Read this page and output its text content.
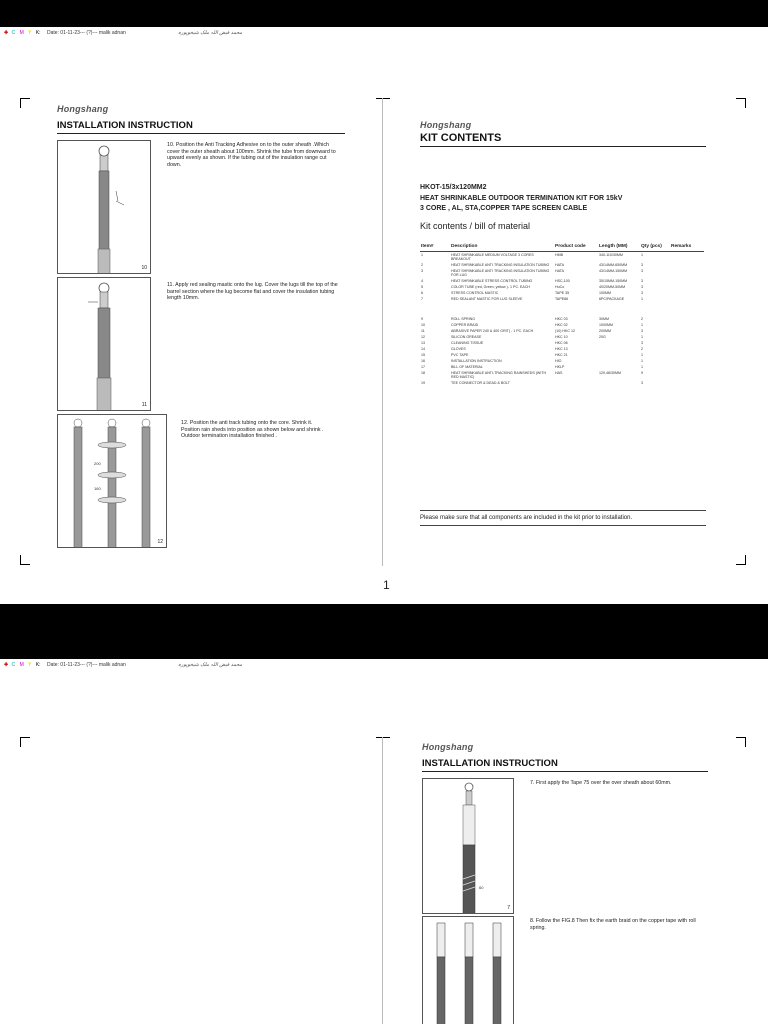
✚ C M Y K: Date: 01-11-23--- (?)--- malik adnan	محمد فیض اللہ ملک شیخوپورہ
Hongshang
INSTALLATION INSTRUCTION
10
10. Position the Anti Tracking Adhesive on to the outer sheath .Which cover the outer sheath about 100mm. Shrink the tube from downward to upward evenly as shown. If the tubing out of the insulation range cut down.
11
11. Apply red sealing mastic onto the lug. Cover the lugs till the top of the barrel section where the lug become flat and cover the insulation tubing length 10mm.
200
160
12
12. Position the anti track tubing onto the core. Shrink it.
Position rain sheds into position as shown below and shrink . Outdoor termination installation finished .
Hongshang
KIT CONTENTS
HKOT-15/3x120MM2
HEAT SHRINKABLE OUTDOOR TERMINATION KIT FOR 15kV
3 CORE , AL, STA,COPPER TAPE SCREEN CABLE
Kit contents / bill of material
Item#	Description	Product code	Length (MM)	Qty (pcs)	Remarks
1	HEAT SHRINKABLE MEDIUM VOLTAGE 3 CORES BREAKOUT	HMB	340-110/30MM	1	
2	HEAT SHRINKABLE ANTI TRACKING INSULATION TUBING	HATA	43/14MM-650MM	3	
3	HEAT SHRINKABLE ANTI TRACKING INSULATION TUBING FOR LUG	HATA	43/14MM-150MM	3	
4	HEAT SHRINKABLE STRESS CONTROL TUBING	HSC-100	35/15MM-150MM	3	
5	COLOR TUBE (red, Green, yellow )- 1 PC. EACH	HuCo	40/20MM-50MM	3	
6	STRESS CONTROL MASTIC	TAPE 35	100MM	3	
7	RED SEALANT MASTIC FOR LUG SLEEVE	TAPE86	6PC/PACKAGE	1	

9	ROLL SPRING	HKC 03	30MM	2	
10	COPPER BRAID	HKC 02	1000MM	1	
11	ABRASIVE PAPER 240 & 400 GRIT) - 1 PC. EACH	(10) HKC 12	200MM	3	
12	SILICON GREASE	HKC 10	20G	1	
13	CLEANING TISSUE	HKC 06		3	
14	GLOVES	HKC 13		2	
15	PVC TAPE	HKC 21		1	
16	INSTALLATION INSTRUCTION	HIO		1	
17	BILL OF MATERIAL	HKLP		1	
18	HEAT SHRINKABLE ANTI-TRACKING RAINSHEDS (WITH RED MASTIC)	HAS	120,48/30MM	9	
19	TEE CONNECTOR & DEAD & BOLT			3	
Please make sure that all components are included in the kit prior to installation.
1
✚ C M Y K: Date: 01-11-23--- (?)--- malik adnan	محمد فیض اللہ ملک شیخوپورہ
Hongshang
INSTALLATION INSTRUCTION
60
7
7. First apply the Tape 75 over the over sheath about 60mm.
8. Follow the FIG.8 Then fix the earth braid on the copper tape with roll spring.
